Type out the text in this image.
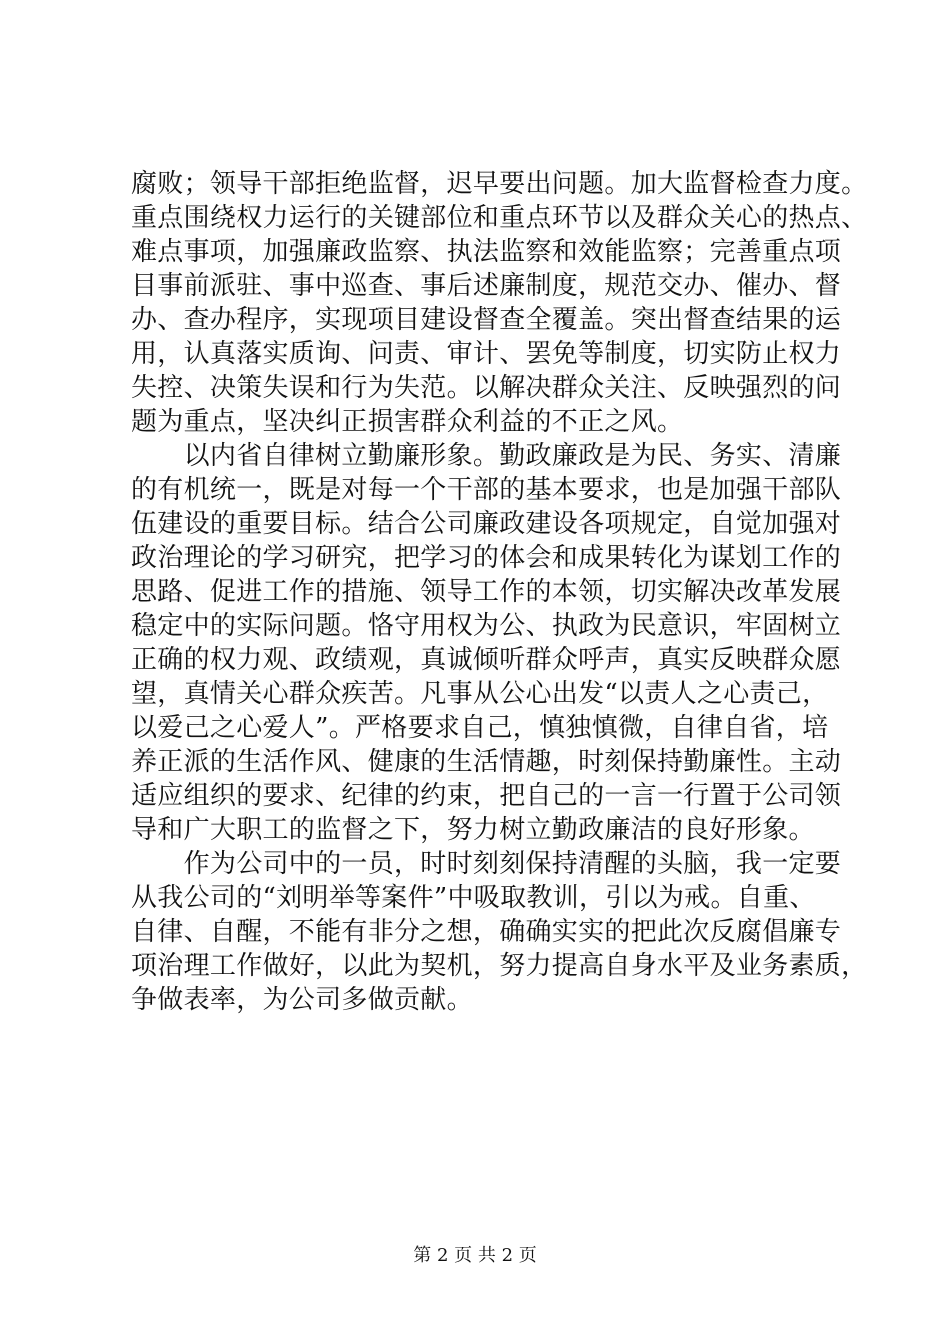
腐败；领导干部拒绝监督，迟早要出问题。加大监督检查力度。
重点围绕权力运行的关键部位和重点环节以及群众关心的热点、
难点事项，加强廉政监察、执法监察和效能监察；完善重点项
目事前派驻、事中巡查、事后述廉制度，规范交办、催办、督
办、查办程序，实现项目建设督查全覆盖。突出督查结果的运
用，认真落实质询、问责、审计、罢免等制度，切实防止权力
失控、决策失误和行为失范。以解决群众关注、反映强烈的问
题为重点，坚决纠正损害群众利益的不正之风。
　　以内省自律树立勤廉形象。勤政廉政是为民、务实、清廉
的有机统一，既是对每一个干部的基本要求，也是加强干部队
伍建设的重要目标。结合公司廉政建设各项规定，自觉加强对
政治理论的学习研究，把学习的体会和成果转化为谋划工作的
思路、促进工作的措施、领导工作的本领，切实解决改革发展
稳定中的实际问题。恪守用权为公、执政为民意识，牢固树立
正确的权力观、政绩观，真诚倾听群众呼声，真实反映群众愿
望，真情关心群众疾苦。凡事从公心出发“以责人之心责己，
以爱己之心爱人”。严格要求自己，慎独慎微，自律自省，培
养正派的生活作风、健康的生活情趣，时刻保持勤廉性。主动
适应组织的要求、纪律的约束，把自己的一言一行置于公司领
导和广大职工的监督之下，努力树立勤政廉洁的良好形象。
　　作为公司中的一员，时时刻刻保持清醒的头脑，我一定要
从我公司的“刘明举等案件”中吸取教训，引以为戒。自重、
自律、自醒，不能有非分之想，确确实实的把此次反腐倡廉专
项治理工作做好，以此为契机，努力提高自身水平及业务素质，
争做表率，为公司多做贡献。
第 2 页 共 2 页
